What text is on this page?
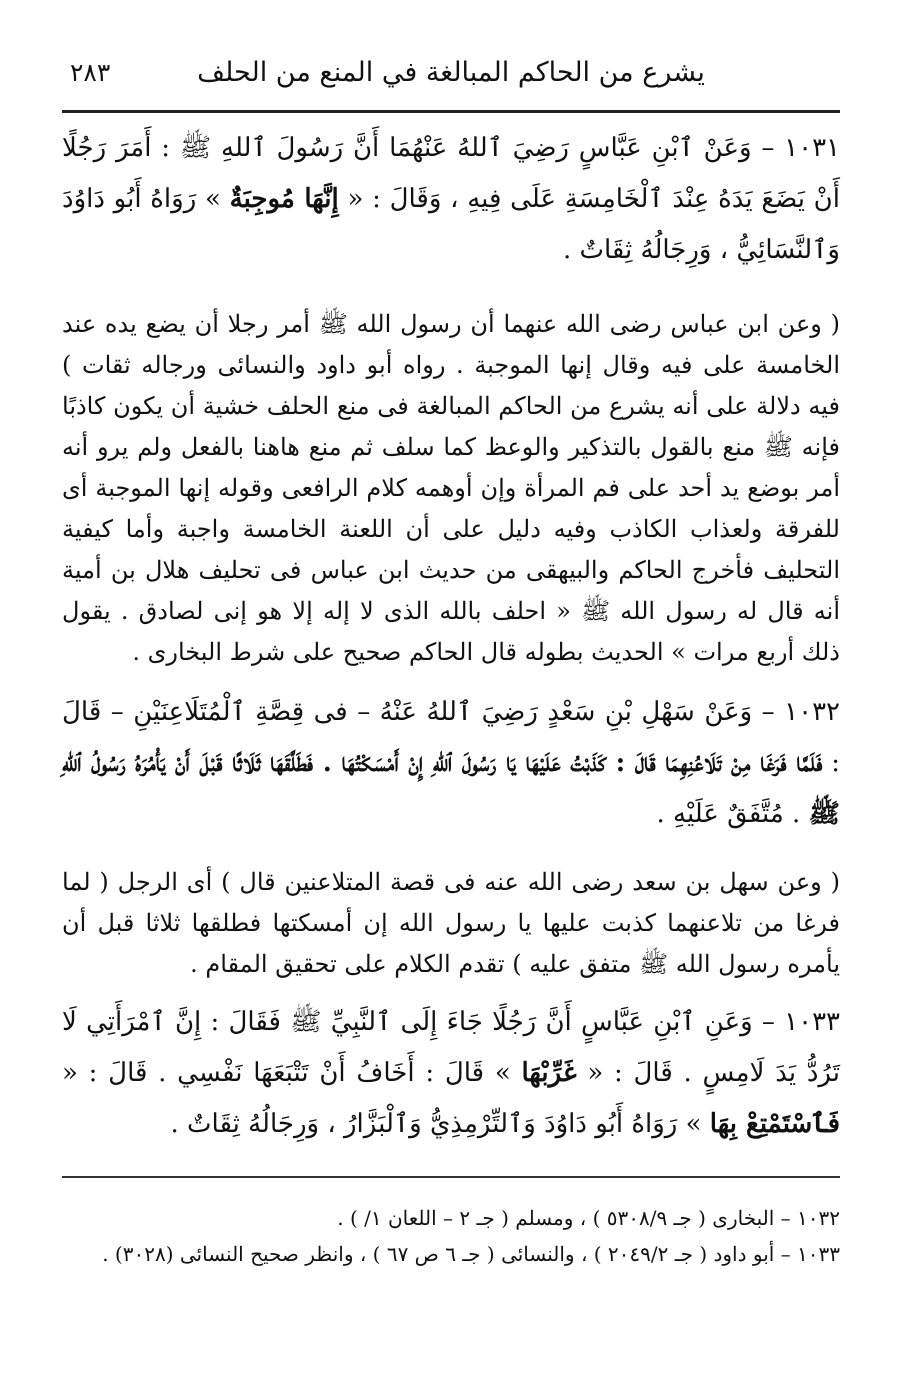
يشرع من الحاكم المبالغة في المنع من الحلف
٢٨٣

١٠٣١ – وَعَنْ ٱبْنِ عَبَّاسٍ رَضِيَ ٱللهُ عَنْهُمَا أَنَّ رَسُولَ ٱللهِ ﷺ : أَمَرَ رَجُلًا أَنْ يَضَعَ يَدَهُ عِنْدَ ٱلْخَامِسَةِ عَلَى فِيهِ ، وَقَالَ : « إِنَّهَا مُوجِبَةٌ » رَوَاهُ أَبُو دَاوُدَ وَٱلنَّسَائِيُّ ، وَرِجَالُهُ ثِقَاتٌ .

( وعن ابن عباس رضى الله عنهما أن رسول الله ﷺ أمر رجلا أن يضع يده عند الخامسة على فيه وقال إنها الموجبة . رواه أبو داود والنسائى ورجاله ثقات ) فيه دلالة على أنه يشرع من الحاكم المبالغة فى منع الحلف خشية أن يكون كاذبًا فإنه ﷺ منع بالقول بالتذكير والوعظ كما سلف ثم منع هاهنا بالفعل ولم يرو أنه أمر بوضع يد أحد على فم المرأة وإن أوهمه كلام الرافعى وقوله إنها الموجبة أى للفرقة ولعذاب الكاذب وفيه دليل على أن اللعنة الخامسة واجبة وأما كيفية التحليف فأخرج الحاكم والبيهقى من حديث ابن عباس فى تحليف هلال بن أمية أنه قال له رسول الله ﷺ « احلف بالله الذى لا إله إلا هو إنى لصادق . يقول ذلك أربع مرات » الحديث بطوله قال الحاكم صحيح على شرط البخارى .

١٠٣٢ – وَعَنْ سَهْلِ بْنِ سَعْدٍ رَضِيَ ٱللهُ عَنْهُ – فى قِصَّةِ ٱلْمُتَلَاعِنَيْنِ – قَالَ : فَلَمَّا فَرَغَا مِنْ تَلَاعُنِهِمَا قَالَ : كَذَبْتُ عَلَيْهَا يَا رَسُولَ ٱللهِ إِنْ أَمْسَكْتُهَا . فَطَلَّقَهَا ثَلَاثًا قَبْلَ أَنْ يَأْمُرَهُ رَسُولُ ٱللهِ ﷺ . مُتَّفَقٌ عَلَيْهِ .

( وعن سهل بن سعد رضى الله عنه فى قصة المتلاعنين قال ) أى الرجل ( لما فرغا من تلاعنهما كذبت عليها يا رسول الله إن أمسكتها فطلقها ثلاثا قبل أن يأمره رسول الله ﷺ متفق عليه ) تقدم الكلام على تحقيق المقام .

١٠٣٣ – وَعَنِ ٱبْنِ عَبَّاسٍ أَنَّ رَجُلًا جَاءَ إِلَى ٱلنَّبِيِّ ﷺ فَقَالَ : إِنَّ ٱمْرَأَتِي لَا تَرُدُّ يَدَ لَامِسٍ . قَالَ : « غَرِّبْهَا » قَالَ : أَخَافُ أَنْ تَتْبَعَهَا نَفْسِي . قَالَ : « فَٱسْتَمْتِعْ بِهَا » رَوَاهُ أَبُو دَاوُدَ وَٱلتِّرْمِذِيُّ وَٱلْبَزَّارُ ، وَرِجَالُهُ ثِقَاتٌ .

١٠٣٢ – البخارى ( جـ ٥٣٠٨/٩ ) ، ومسلم ( جـ ٢ – اللعان ١/ ) .

١٠٣٣ – أبو داود ( جـ ٢٠٤٩/٢ ) ، والنسائى ( جـ ٦ ص ٦٧ ) ، وانظر صحيح النسائى (٣٠٢٨) .
